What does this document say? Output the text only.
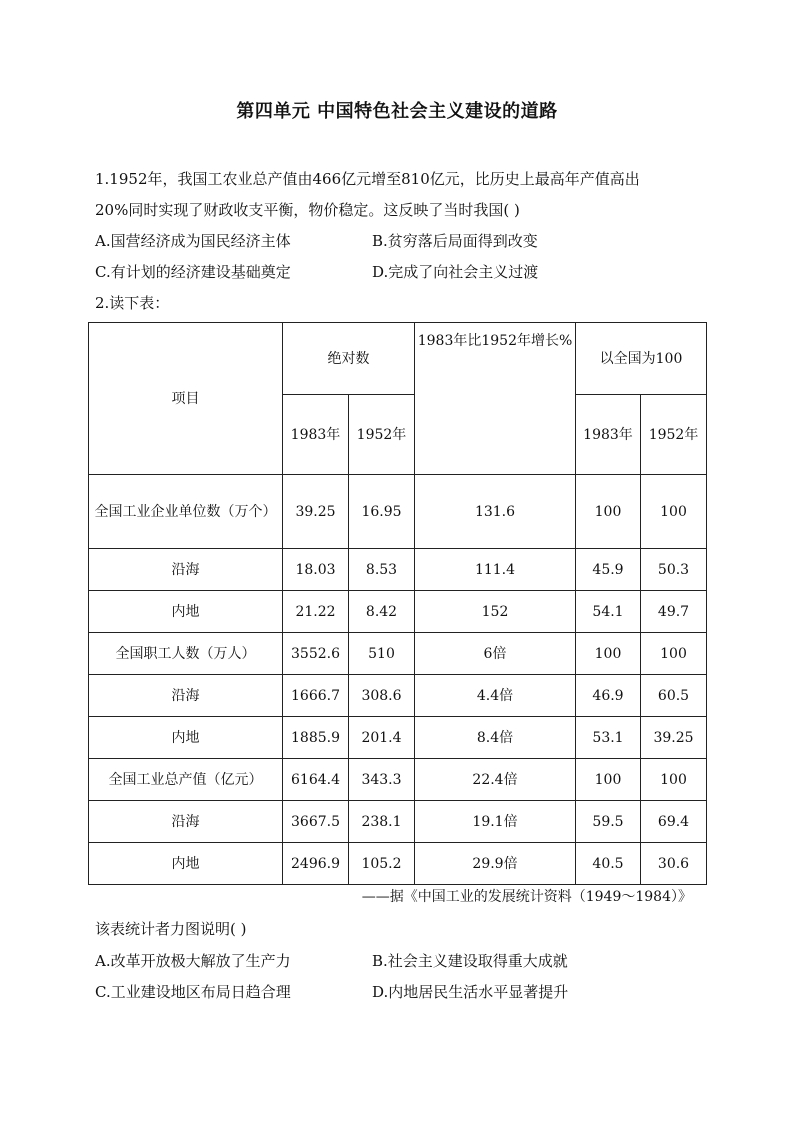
第四单元 中国特色社会主义建设的道路
1.1952年，我国工农业总产值由466亿元增至810亿元，比历史上最高年产值高出
20%同时实现了财政收支平衡，物价稳定。这反映了当时我国( )
A.国营经济成为国民经济主体	B.贫穷落后局面得到改变
C.有计划的经济建设基础奠定	D.完成了向社会主义过渡
2.读下表：
项目	绝对数		1983年比1952年增长%	以全国为100	
	1983年	1952年		1983年	1952年
全国工业企业单位数（万个）	39.25	16.95	131.6	100	100
沿海	18.03	8.53	111.4	45.9	50.3
内地	21.22	8.42	152	54.1	49.7
全国职工人数（万人）	3552.6	510	6倍	100	100
沿海	1666.7	308.6	4.4倍	46.9	60.5
内地	1885.9	201.4	8.4倍	53.1	39.25
全国工业总产值（亿元）	6164.4	343.3	22.4倍	100	100
沿海	3667.5	238.1	19.1倍	59.5	69.4
内地	2496.9	105.2	29.9倍	40.5	30.6
——据《中国工业的发展统计资料（1949～1984）》
该表统计者力图说明( )
A.改革开放极大解放了生产力	B.社会主义建设取得重大成就
C.工业建设地区布局日趋合理	D.内地居民生活水平显著提升
